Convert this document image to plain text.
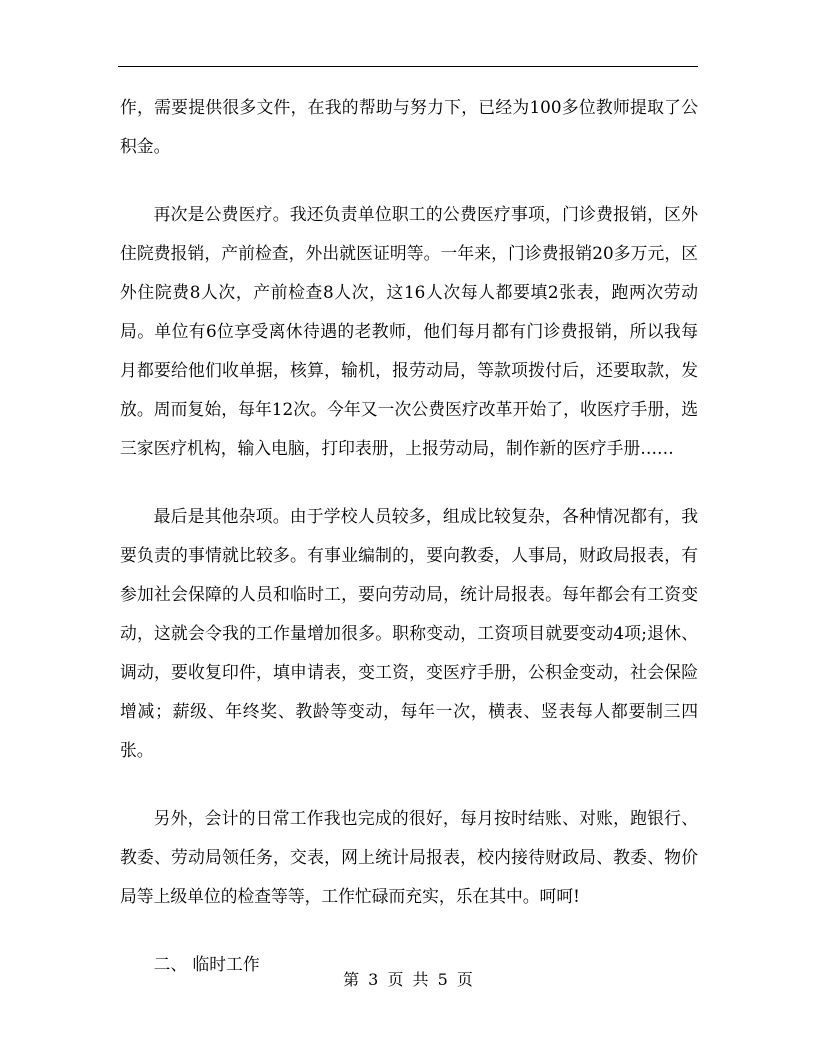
作，需要提供很多文件，在我的帮助与努力下，已经为100多位教师提取了公积金。

再次是公费医疗。我还负责单位职工的公费医疗事项，门诊费报销，区外住院费报销，产前检查，外出就医证明等。一年来，门诊费报销20多万元，区外住院费8人次，产前检查8人次，这16人次每人都要填2张表，跑两次劳动局。单位有6位享受离休待遇的老教师，他们每月都有门诊费报销，所以我每月都要给他们收单据，核算，输机，报劳动局，等款项拨付后，还要取款，发放。周而复始，每年12次。今年又一次公费医疗改革开始了，收医疗手册，选三家医疗机构，输入电脑，打印表册，上报劳动局，制作新的医疗手册……

最后是其他杂项。由于学校人员较多，组成比较复杂，各种情况都有，我要负责的事情就比较多。有事业编制的，要向教委，人事局，财政局报表，有参加社会保障的人员和临时工，要向劳动局，统计局报表。每年都会有工资变动，这就会令我的工作量增加很多。职称变动，工资项目就要变动4项;退休、调动，要收复印件，填申请表，变工资，变医疗手册，公积金变动，社会保险增减；薪级、年终奖、教龄等变动，每年一次，横表、竖表每人都要制三四张。

另外，会计的日常工作我也完成的很好，每月按时结账、对账，跑银行、教委、劳动局领任务，交表，网上统计局报表，校内接待财政局、教委、物价局等上级单位的检查等等，工作忙碌而充实，乐在其中。呵呵!

二、 临时工作

第 3 页 共 5 页
